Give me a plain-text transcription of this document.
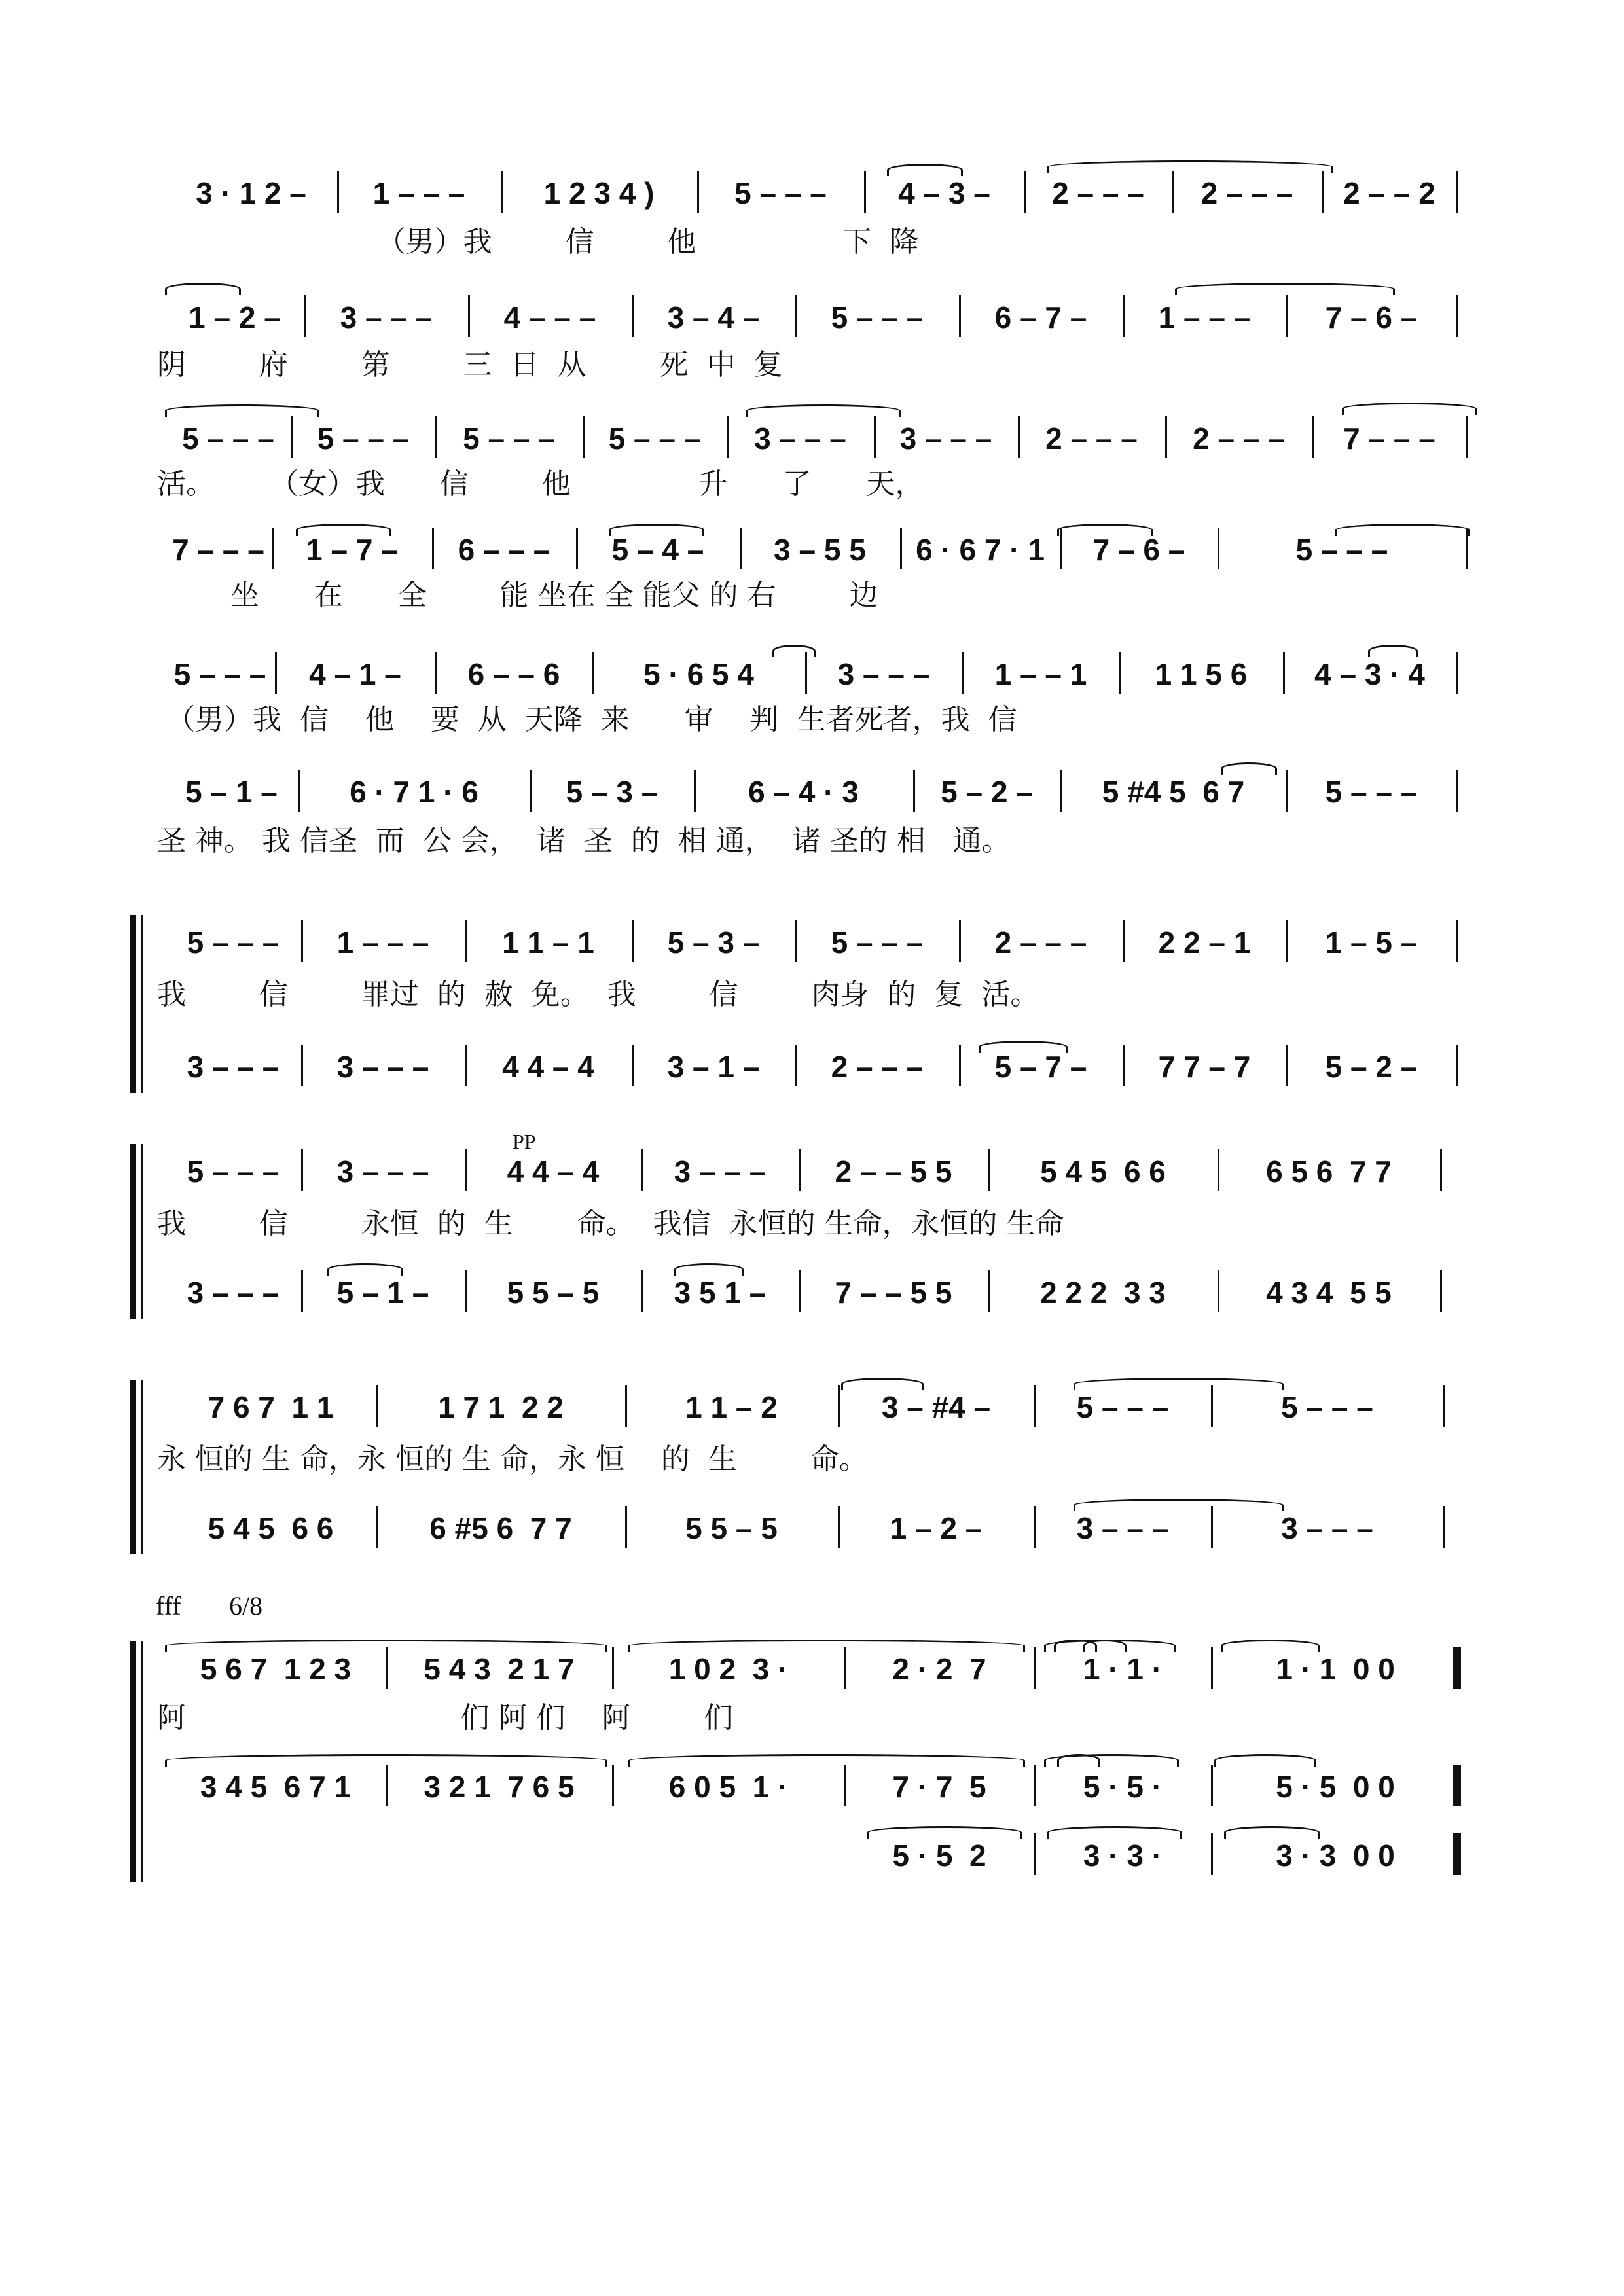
3 · 1 2 –	1 – – –	1 2 3 4 )	5 – – –	4 – 3 –	2 – – –	2 – – –	2 – – 2
（男）我        信        他                下  降
1 – 2 –	3 – – –	4 – – –	3 – 4 –	5 – – –	6 – 7 –	1 – – –	7 – 6 –
阴        府        第        三  日  从        死  中  复
5 – – –	5 – – –	5 – – –	5 – – –	3 – – –	3 – – –	2 – – –	2 – – –	7 – – –
活。      （女）我      信        他              升      了      天，
7 – – –	1 – 7 –	6 – – –	5 – 4 –	3 – 5 5	6 · 6 7 · 1	7 – 6 –	5 – – –
坐      在      全        能 坐在 全 能父 的 右        边
5 – – –	4 – 1 –	6 – – 6	5 · 6 5 4	3 – – –	1 – – 1	1 1 5 6	4 – 3 · 4
（男）我  信    他    要  从  天降  来      审    判  生者死者，我  信
5 – 1 –	6 · 7 1 · 6	5 – 3 –	6 – 4 · 3	5 – 2 –	5 #4 5  6 7	5 – – –
圣 神。 我 信圣  而  公 会，  诸  圣  的  相 通，  诸 圣的 相   通。
5 – – –	1 – – –	1 1 – 1	5 – 3 –	5 – – –	2 – – –	2 2 – 1	1 – 5 –
我        信        罪过  的  赦  免。  我        信        肉身  的  复  活。
3 – – –	3 – – –	4 4 – 4	3 – 1 –	2 – – –	5 – 7 –	7 7 – 7	5 – 2 –
5 – – –	3 – – –	4 4 – 4	3 – – –	2 – – 5 5	5 4 5  6 6	6 5 6  7 7
我        信        永恒  的  生       命。  我信  永恒的 生命，永恒的 生命
3 – – –	5 – 1 –	5 5 – 5	3 5 1 –	7 – – 5 5	2 2 2  3 3	4 3 4  5 5
7 6 7  1 1	1 7 1  2 2	1 1 – 2	3 – #4 –	5 – – –	5 – – –
永 恒的 生 命，永 恒的 生 命，永 恒    的  生        命。
5 4 5  6 6	6 #5 6  7 7	5 5 – 5	1 – 2 –	3 – – –	3 – – –
5 6 7  1 2 3	5 4 3  2 1 7	1 0 2  3 ·	2 · 2  7	1 · 1 ·	1 · 1  0 0
阿                              们 阿 们    阿        们
3 4 5  6 7 1	3 2 1  7 6 5	6 0 5  1 ·	7 · 7  5	5 · 5 ·	5 · 5  0 0
5 · 5  2	3 · 3 ·	3 · 3  0 0
fff 6/8
PP
